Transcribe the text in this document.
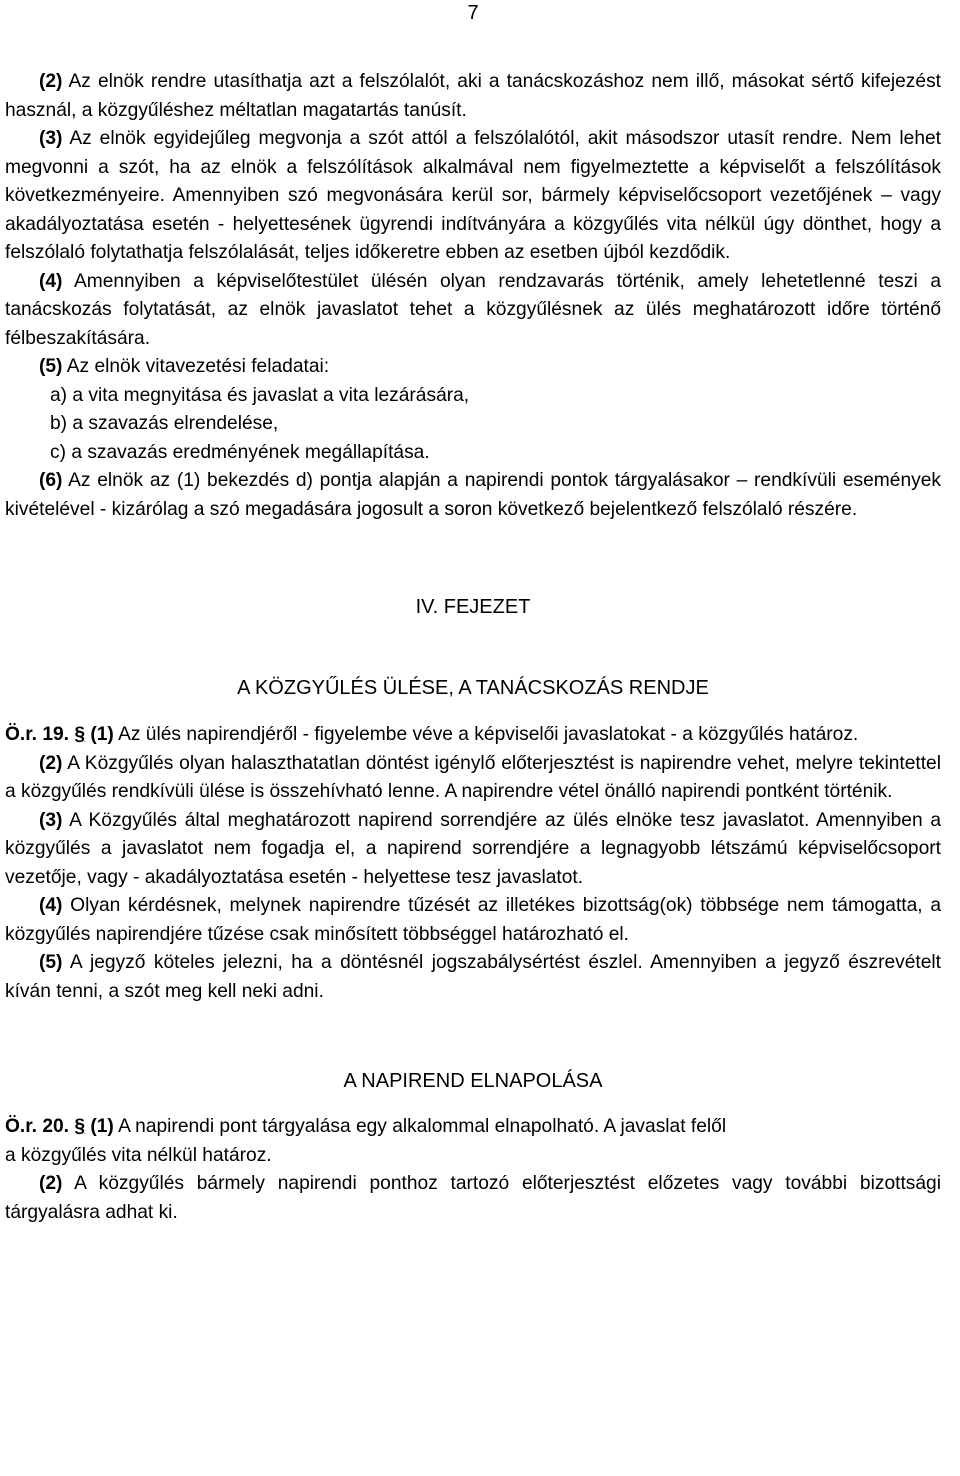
7

(2) Az elnök rendre utasíthatja azt a felszólalót, aki a tanácskozáshoz nem illő, másokat sértő kifejezést használ, a közgyűléshez méltatlan magatartás tanúsít.

(3) Az elnök egyidejűleg megvonja a szót attól a felszólalótól, akit másodszor utasít rendre. Nem lehet megvonni a szót, ha az elnök a felszólítások alkalmával nem figyelmeztette a képviselőt a felszólítások következményeire. Amennyiben szó megvonására kerül sor, bármely képviselőcsoport vezetőjének – vagy akadályoztatása esetén - helyettesének ügyrendi indítványára a közgyűlés vita nélkül úgy dönthet, hogy a felszólaló folytathatja felszólalását, teljes időkeretre ebben az esetben újból kezdődik.

(4) Amennyiben a képviselőtestület ülésén olyan rendzavarás történik, amely lehetetlenné teszi a tanácskozás folytatását, az elnök javaslatot tehet a közgyűlésnek az ülés meghatározott időre történő félbeszakítására.

(5) Az elnök vitavezetési feladatai:

a) a vita megnyitása és javaslat a vita lezárására,

b) a szavazás elrendelése,

c) a szavazás eredményének megállapítása.

(6) Az elnök az (1) bekezdés d) pontja alapján a napirendi pontok tárgyalásakor – rendkívüli események kivételével - kizárólag a szó megadására jogosult a soron következő bejelentkező felszólaló részére.

IV. FEJEZET

A KÖZGYŰLÉS ÜLÉSE, A TANÁCSKOZÁS RENDJE

Ö.r. 19. § (1) Az ülés napirendjéről - figyelembe véve a képviselői javaslatokat - a közgyűlés határoz.

(2) A Közgyűlés olyan halaszthatatlan döntést igénylő előterjesztést is napirendre vehet, melyre tekintettel a közgyűlés rendkívüli ülése is összehívható lenne. A napirendre vétel önálló napirendi pontként történik.

(3) A Közgyűlés által meghatározott napirend sorrendjére az ülés elnöke tesz javaslatot. Amennyiben a közgyűlés a javaslatot nem fogadja el, a napirend sorrendjére a legnagyobb létszámú képviselőcsoport vezetője, vagy - akadályoztatása esetén - helyettese tesz javaslatot.

(4) Olyan kérdésnek, melynek napirendre tűzését az illetékes bizottság(ok) többsége nem támogatta, a közgyűlés napirendjére tűzése csak minősített többséggel határozható el.

(5) A jegyző köteles jelezni, ha a döntésnél jogszabálysértést észlel. Amennyiben a jegyző észrevételt kíván tenni, a szót meg kell neki adni.

A NAPIREND ELNAPOLÁSA

Ö.r. 20. § (1) A napirendi pont tárgyalása egy alkalommal elnapolható. A javaslat felől

a közgyűlés vita nélkül határoz.

(2) A közgyűlés bármely napirendi ponthoz tartozó előterjesztést előzetes vagy további bizottsági tárgyalásra adhat ki.
